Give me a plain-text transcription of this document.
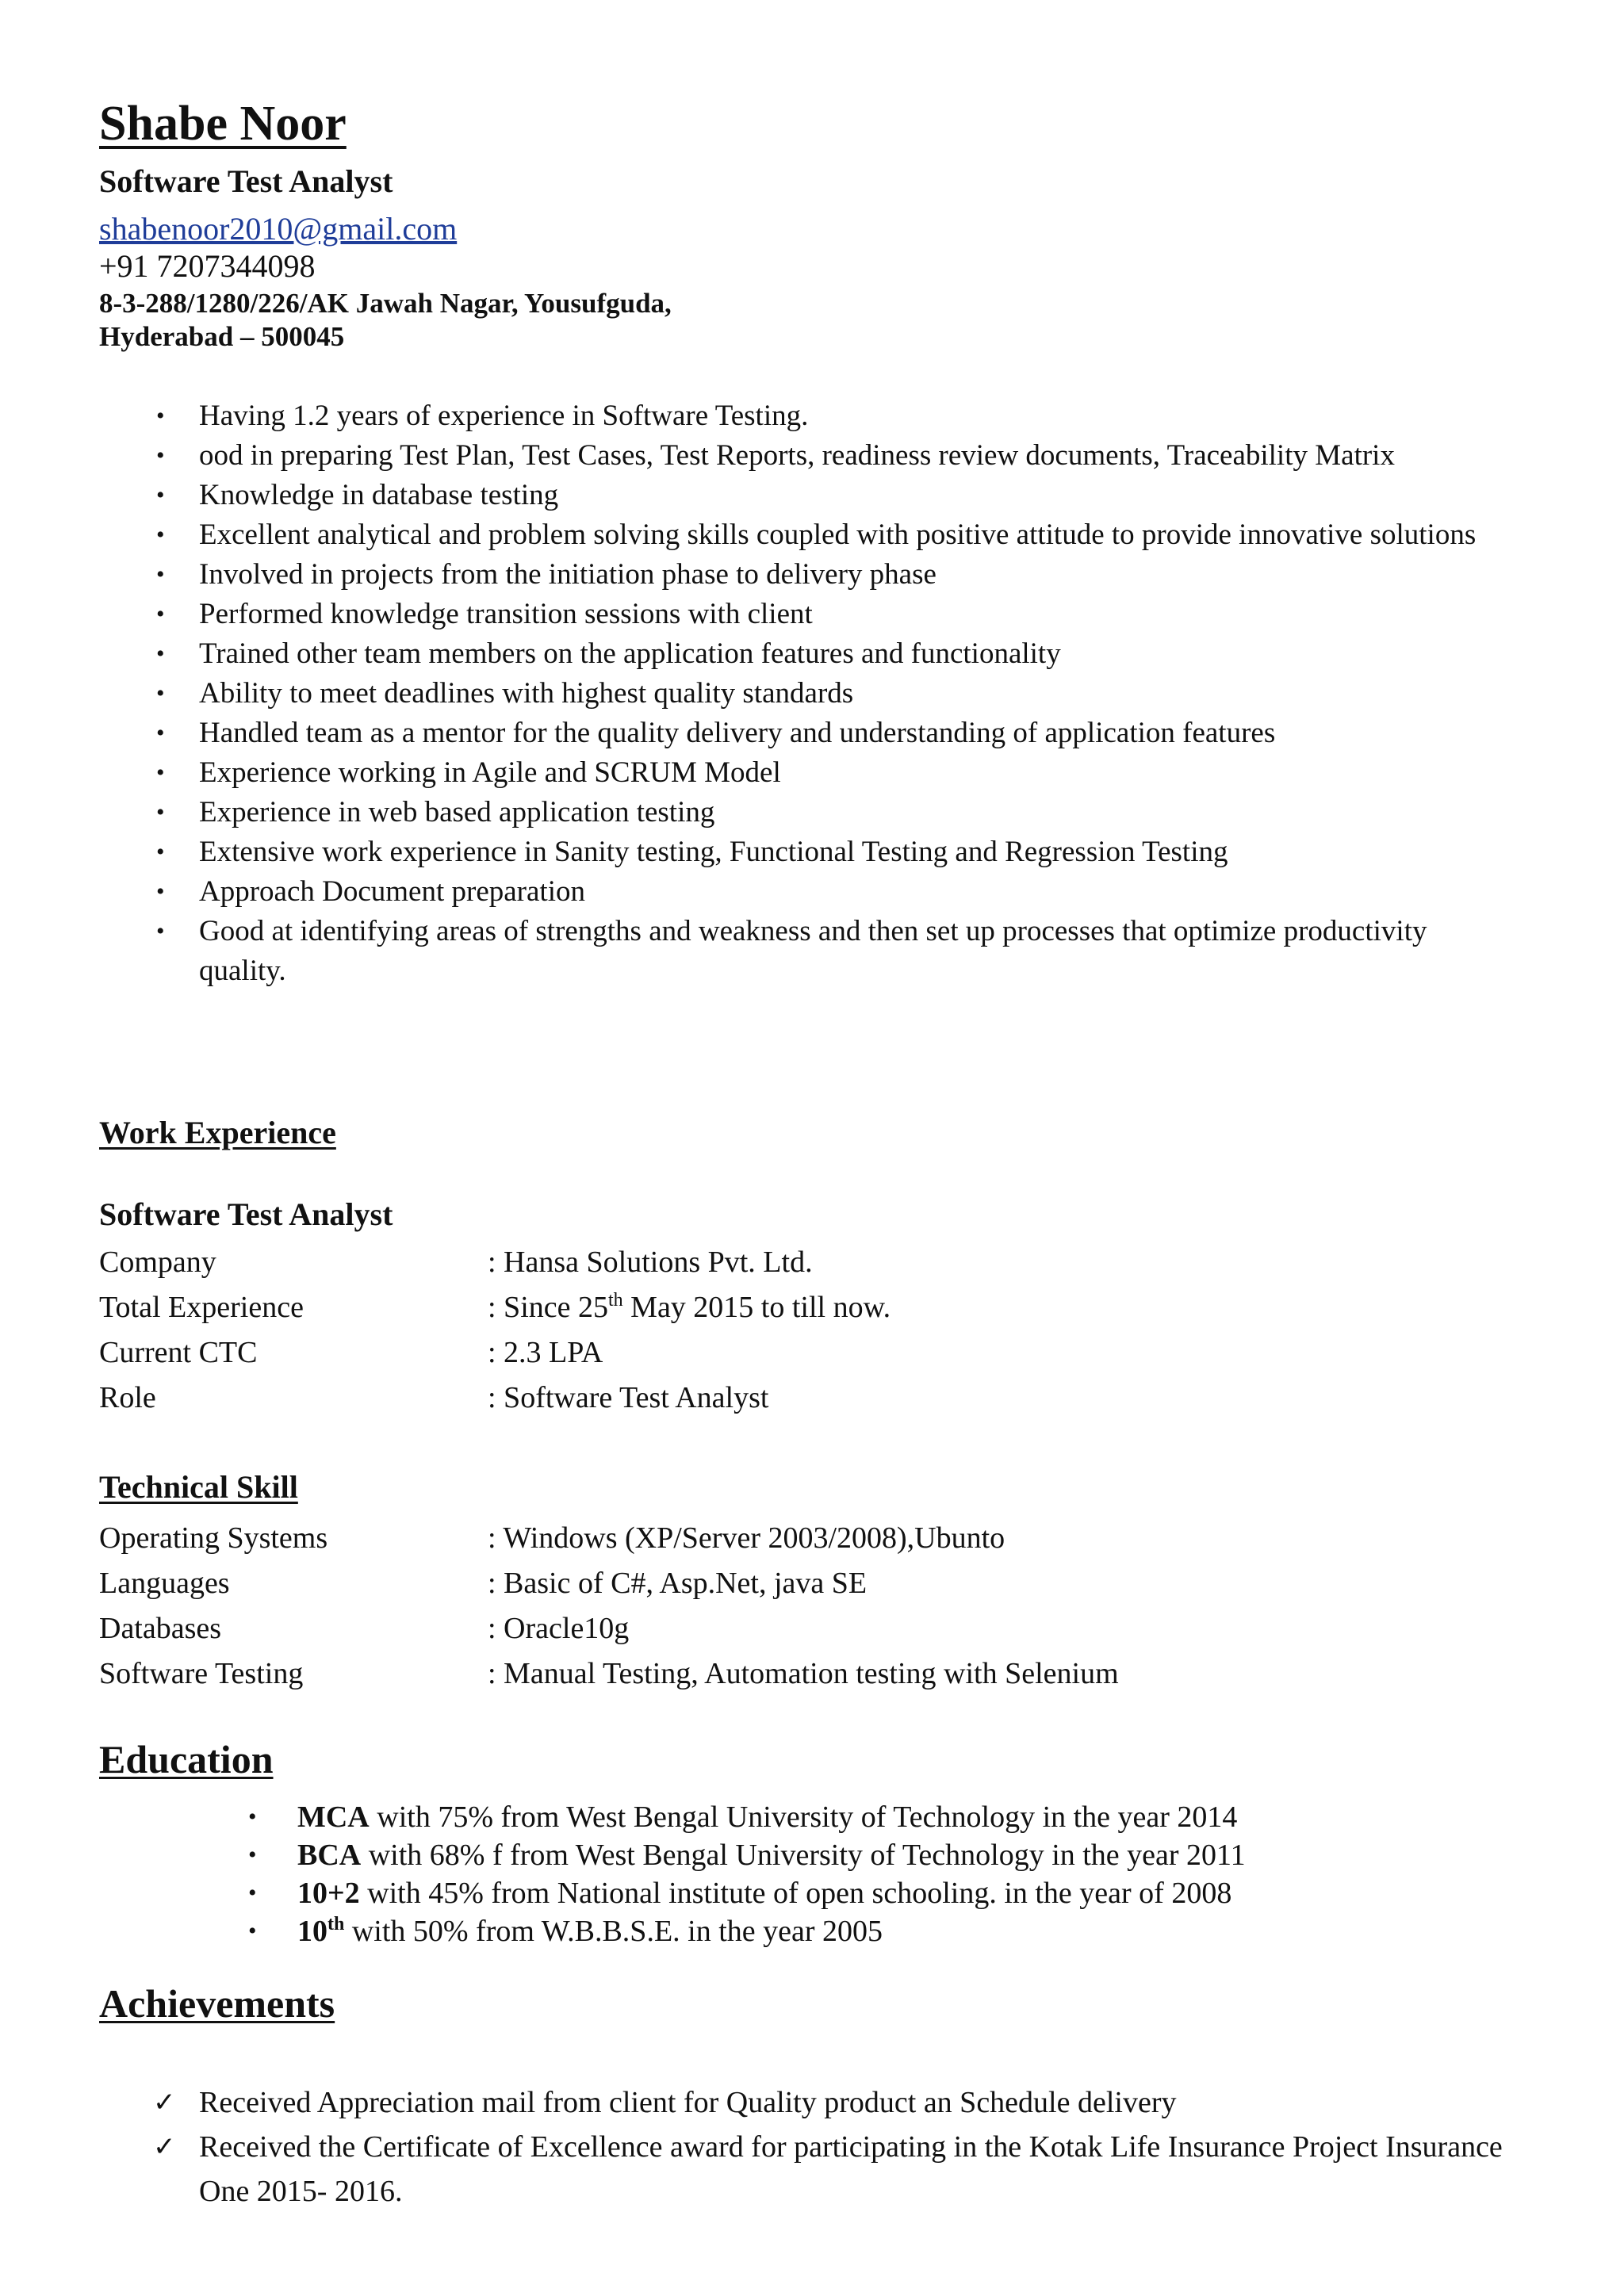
Shabe Noor
Software Test Analyst
shabenoor2010@gmail.com
+91 7207344098
8-3-288/1280/226/AK Jawah Nagar, Yousufguda,
Hyderabad – 500045
• Having 1.2 years of experience in Software Testing.
• ood in preparing Test Plan, Test Cases, Test Reports, readiness review documents, Traceability Matrix
• Knowledge in database testing
• Excellent analytical and problem solving skills coupled with positive attitude to provide innovative solutions
• Involved in projects from the initiation phase to delivery phase
• Performed knowledge transition sessions with client
• Trained other team members on the application features and functionality
• Ability to meet deadlines with highest quality standards
• Handled team as a mentor for the quality delivery and understanding of application features
• Experience working in Agile and SCRUM Model
• Experience in web based application testing
• Extensive work experience in Sanity testing, Functional Testing and Regression Testing
• Approach Document preparation
• Good at identifying areas of strengths and weakness and then set up processes that optimize productivity quality.
Work Experience
Software Test Analyst
Company	: Hansa Solutions Pvt. Ltd.
Total Experience	: Since 25th May 2015 to till now.
Current CTC	: 2.3 LPA
Role	: Software Test Analyst
Technical Skill
Operating Systems	: Windows (XP/Server 2003/2008),Ubunto
Languages	: Basic of C#, Asp.Net, java SE
Databases	: Oracle10g
Software Testing	: Manual Testing, Automation testing with Selenium
Education
• MCA with 75% from West Bengal University of Technology in the year 2014
• BCA with 68% f from West Bengal University of Technology in the year 2011
• 10+2 with 45% from National institute of open schooling. in the year of 2008
• 10th with 50% from W.B.B.S.E. in the year 2005
Achievements
✓ Received Appreciation mail from client for Quality product an Schedule delivery
✓ Received the Certificate of Excellence award for participating in the Kotak Life Insurance Project Insurance One 2015- 2016.
